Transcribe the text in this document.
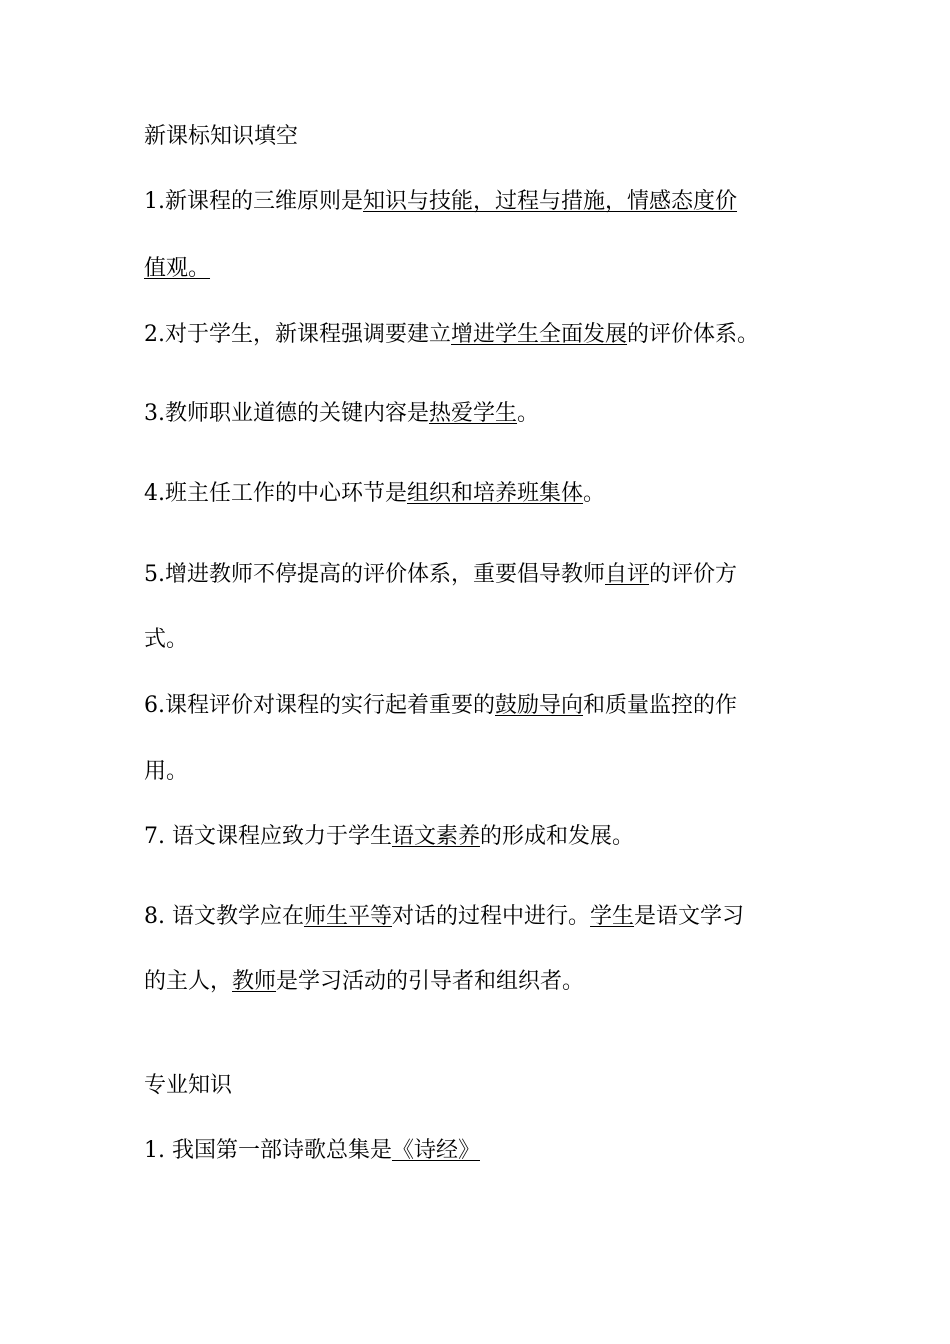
新课标知识填空
1.新课程的三维原则是知识与技能，过程与措施，情感态度价
值观。
2.对于学生，新课程强调要建立增进学生全面发展的评价体系。
3.教师职业道德的关键内容是热爱学生。
4.班主任工作的中心环节是组织和培养班集体。
5.增进教师不停提高的评价体系，重要倡导教师自评的评价方
式。
6.课程评价对课程的实行起着重要的鼓励导向和质量监控的作
用。
7. 语文课程应致力于学生语文素养的形成和发展。
8. 语文教学应在师生平等对话的过程中进行。学生是语文学习
的主人，教师是学习活动的引导者和组织者。
专业知识
1. 我国第一部诗歌总集是《诗经》
